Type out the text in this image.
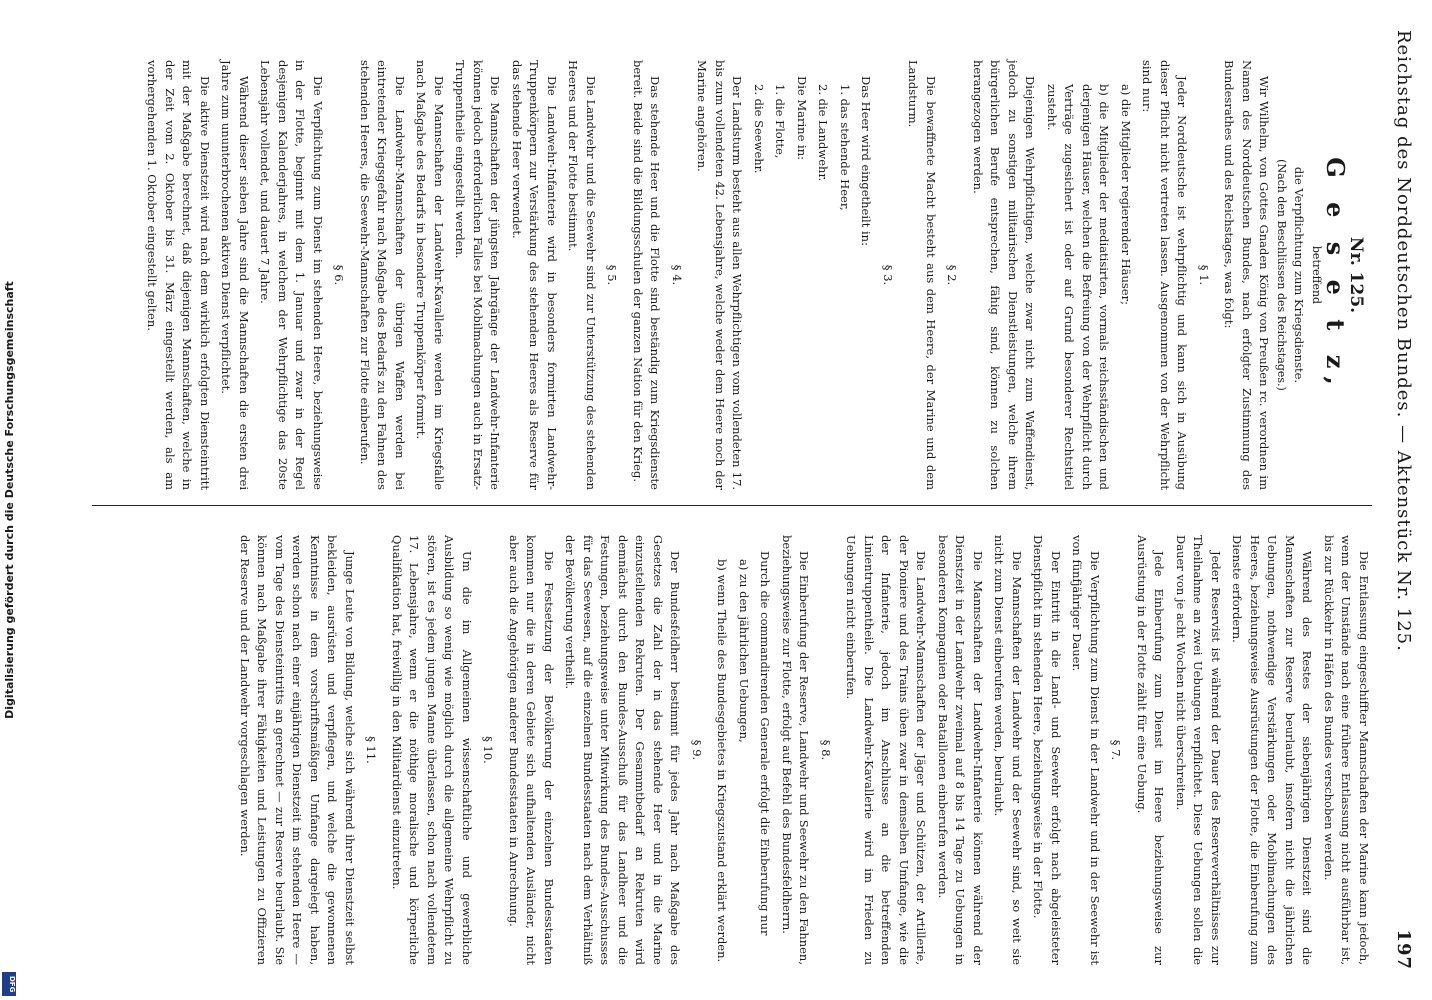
Reichstag des Norddeutschen Bundes. — Aktenstück Nr. 125.
197
Nr. 125.
G e s e t z,
betreffend
die Verpflichtung zum Kriegsdienste.
(Nach den Beschlüssen des Reichstages.)

Wir Wilhelm, von Gottes Gnaden König von Preußen rc. verordnen im Namen des Norddeutschen Bundes, nach erfolgter Zustimmung des Bundesrathes und des Reichstages, was folgt:

§ 1.

Jeder Norddeutsche ist wehrpflichtig und kann sich in Ausübung dieser Pflicht nicht vertreten lassen. Ausgenommen von der Wehrpflicht sind nur:

a) die Mitglieder regierender Häuser;

b) die Mitglieder der mediatisirten, vormals reichsständischen und derjenigen Häuser, welchen die Befreiung von der Wehrpflicht durch Verträge zugesichert ist oder auf Grund besonderer Rechtstitel zusteht.

Diejenigen Wehrpflichtigen, welche zwar nicht zum Waffendienst, jedoch zu sonstigen militairischen Dienstleistungen, welche ihrem bürgerlichen Berufe entsprechen, fähig sind, können zu solchen herangezogen werden.

§ 2.

Die bewaffnete Macht besteht aus dem Heere, der Marine und dem Landsturm.

§ 3.

Das Heer wird eingetheilt in:

1. das stehende Heer,

2. die Landwehr.

Die Marine in:

1. die Flotte,

2. die Seewehr.

Der Landsturm besteht aus allen Wehrpflichtigen vom vollendeten 17. bis zum vollendeten 42. Lebensjahre, welche weder dem Heere noch der Marine angehören.

§ 4.

Das stehende Heer und die Flotte sind beständig zum Kriegsdienste bereit. Beide sind die Bildungsschulen der ganzen Nation für den Krieg.

§ 5.

Die Landwehr und die Seewehr sind zur Unterstützung des stehenden Heeres und der Flotte bestimmt.

Die Landwehr-Infanterie wird in besonders formirten Landwehr-Truppenkörpern zur Verstärkung des stehenden Heeres als Reserve für das stehende Heer verwendet.

Die Mannschaften der jüngsten Jahrgänge der Landwehr-Infanterie können jedoch erforderlichen Falles bei Mobilmachungen auch in Ersatz-Truppentheile eingestellt werden.

Die Mannschaften der Landwehr-Kavallerie werden im Kriegsfalle nach Maßgabe des Bedarfs in besondere Truppenkörper formirt.

Die Landwehr-Mannschaften der übrigen Waffen werden bei eintretender Kriegsgefahr nach Maßgabe des Bedarfs zu den Fahnen des stehenden Heeres, die Seewehr-Mannschaften zur Flotte einberufen.

§ 6.

Die Verpflichtung zum Dienst im stehenden Heere, beziehungsweise in der Flotte, beginnt mit dem 1. Januar und zwar in der Regel desjenigen Kalenderjahres, in welchem der Wehrpflichtige das 20ste Lebensjahr vollendet, und dauert 7 Jahre.

Während dieser sieben Jahre sind die Mannschaften die ersten drei Jahre zum ununterbrochenen aktiven Dienst verpflichtet.

Die aktive Dienstzeit wird nach dem wirklich erfolgten Diensteintritt mit der Maßgabe berechnet, daß diejenigen Mannschaften, welche in der Zeit vom 2. Oktober bis 31. März eingestellt werden, als am vorhergehenden 1. Oktober eingestellt gelten.

Die Entlassung eingeschiffter Mannschaften der Marine kann jedoch, wenn der Umstände nach eine frühere Entlassung nicht ausführbar ist, bis zur Rückkehr in Häfen des Bundes verschoben werden.

Während des Restes der siebenjährigen Dienstzeit sind die Mannschaften zur Reserve beurlaubt, insofern nicht die jährlichen Uebungen, nothwendige Verstärkungen oder Mobilmachungen des Heeres, beziehungsweise Ausrüstungen der Flotte, die Einberufung zum Dienste erfordern.

Jeder Reservist ist während der Dauer des Reserveverhältnisses zur Theilnahme an zwei Uebungen verpflichtet. Diese Uebungen sollen die Dauer von je acht Wochen nicht überschreiten.

Jede Einberufung zum Dienst im Heere beziehungsweise zur Ausrüstung in der Flotte zählt für eine Uebung.

§ 7.

Die Verpflichtung zum Dienst in der Landwehr und in der Seewehr ist von fünfjähriger Dauer.

Der Eintritt in die Land- und Seewehr erfolgt nach abgeleisteter Dienstpflicht im stehenden Heere, beziehungsweise in der Flotte.

Die Mannschaften der Landwehr und der Seewehr sind, so weit sie nicht zum Dienst einberufen werden, beurlaubt.

Die Mannschaften der Landwehr-Infanterie können während der Dienstzeit in der Landwehr zweimal auf 8 bis 14 Tage zu Uebungen in besonderen Kompagnien oder Bataillonen einberufen werden.

Die Landwehr-Mannschaften der Jäger und Schützen, der Artillerie, der Pioniere und des Trains üben zwar in demselben Umfange, wie die der Infanterie, jedoch im Anschlusse an die betreffenden Linientruppentheile. Die Landwehr-Kavallerie wird im Frieden zu Uebungen nicht einberufen.

§ 8.

Die Einberufung der Reserve, Landwehr und Seewehr zu den Fahnen, beziehungsweise zur Flotte, erfolgt auf Befehl des Bundesfeldherrn.

Durch die commandirenden Generale erfolgt die Einberufung nur

a) zu den jährlichen Uebungen,

b) wenn Theile des Bundesgebietes in Kriegszustand erklärt werden.

§ 9.

Der Bundesfeldherr bestimmt für jedes Jahr nach Maßgabe des Gesetzes die Zahl der in das stehende Heer und in die Marine einzustellenden Rekruten. Der Gesammtbedarf an Rekruten wird demnächst durch den Bundes-Ausschuß für das Landheer und die Festungen, beziehungsweise unter Mitwirkung des Bundes-Ausschusses für das Seewesen, auf die einzelnen Bundesstaaten nach dem Verhältniß der Bevölkerung vertheilt.

Die Festsetzung der Bevölkerung der einzelnen Bundesstaaten kommen nur die in deren Gebiete sich aufhaltenden Ausländer, nicht aber auch die Angehörigen anderer Bundesstaaten in Anrechnung.

§ 10.

Um die im Allgemeinen wissenschaftliche und gewerbliche Ausbildung so wenig wie möglich durch die allgemeine Wehrpflicht zu stören, ist es jedem jungen Manne überlassen, schon nach vollendetem 17. Lebensjahre, wenn er die nöthige moralische und körperliche Qualifikation hat, freiwillig in den Militairdienst einzutreten.

§ 11.

Junge Leute von Bildung, welche sich während ihrer Dienstzeit selbst bekleiden, ausrüsten und verpflegen, und welche die gewonnenen Kenntnisse in dem vorschriftsmäßigen Umfange dargelegt haben, werden schon nach einer einjährigen Dienstzeit im stehenden Heere — vom Tage des Diensteintritts an gerechnet — zur Reserve beurlaubt. Sie können nach Maßgabe ihrer Fähigkeiten und Leistungen zu Offizieren der Reserve und der Landwehr vorgeschlagen werden.

Digitalisierung gefördert durch die Deutsche Forschungsgemeinschaft
DFG
